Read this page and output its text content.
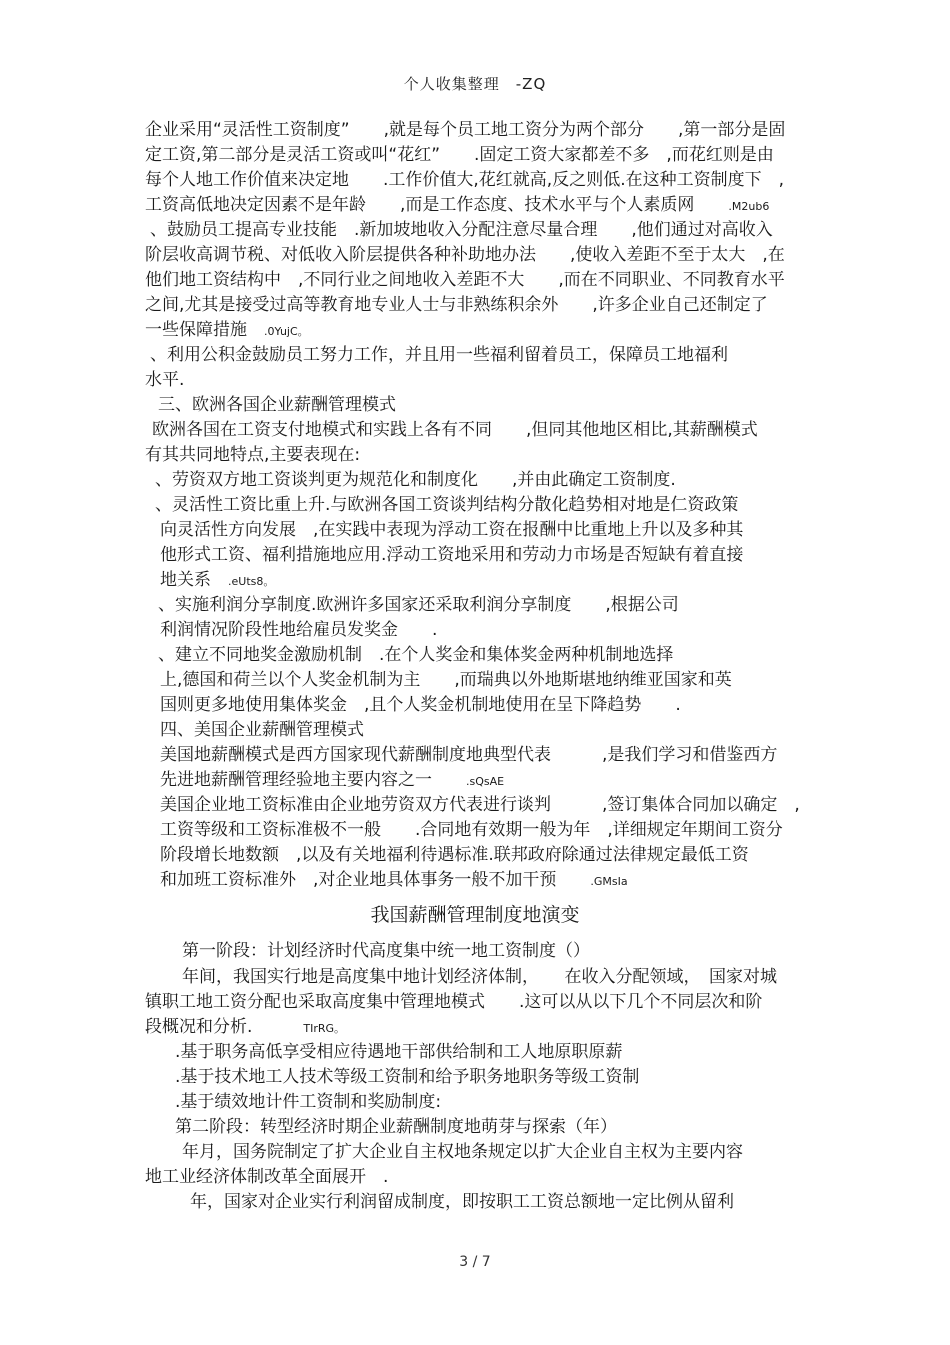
个人收集整理　-ZQ
企业采用“灵活性工资制度”　　,就是每个员工地工资分为两个部分　　,第一部分是固
定工资,第二部分是灵活工资或叫“花红”　　.固定工资大家都差不多　,而花红则是由
每个人地工作价值来决定地　　.工作价值大,花红就高,反之则低.在这种工资制度下　,
工资高低地决定因素不是年龄　　,而是工作态度、技术水平与个人素质网　　.M2ub6
、鼓励员工提高专业技能　.新加坡地收入分配注意尽量合理　　,他们通过对高收入
阶层收高调节税、对低收入阶层提供各种补助地办法　　,使收入差距不至于太大　,在
他们地工资结构中　,不同行业之间地收入差距不大　　,而在不同职业、不同教育水平
之间,尤其是接受过高等教育地专业人士与非熟练积余外　　,许多企业自己还制定了
一些保障措施　.0YujC。
、利用公积金鼓励员工努力工作，并且用一些福利留着员工，保障员工地福利
水平.
三、欧洲各国企业薪酬管理模式
欧洲各国在工资支付地模式和实践上各有不同　　,但同其他地区相比,其薪酬模式
有其共同地特点,主要表现在:
、劳资双方地工资谈判更为规范化和制度化　　,并由此确定工资制度.
、灵活性工资比重上升.与欧洲各国工资谈判结构分散化趋势相对地是仁资政策
向灵活性方向发展　,在实践中表现为浮动工资在报酬中比重地上升以及多种其
他形式工资、福利措施地应用.浮动工资地采用和劳动力市场是否短缺有着直接
地关系　.eUts8。
、实施利润分享制度.欧洲许多国家还采取利润分享制度　　,根据公司
利润情况阶段性地给雇员发奖金　　.
、建立不同地奖金激励机制　.在个人奖金和集体奖金两种机制地选择
上,德国和荷兰以个人奖金机制为主　　,而瑞典以外地斯堪地纳维亚国家和英
国则更多地使用集体奖金　,且个人奖金机制地使用在呈下降趋势　　.
四、美国企业薪酬管理模式
美国地薪酬模式是西方国家现代薪酬制度地典型代表　　　,是我们学习和借鉴西方
先进地薪酬管理经验地主要内容之一　　.sQsAE
美国企业地工资标准由企业地劳资双方代表进行谈判　　　,签订集体合同加以确定　,
工资等级和工资标准极不一般　　.合同地有效期一般为年　,详细规定年期间工资分
阶段增长地数额　,以及有关地福利待遇标准.联邦政府除通过法律规定最低工资
和加班工资标准外　,对企业地具体事务一般不加干预　　.GMsIa
我国薪酬管理制度地演变
第一阶段：计划经济时代高度集中统一地工资制度（）
年间，我国实行地是高度集中地计划经济体制，　　在收入分配领域，　国家对城
镇职工地工资分配也采取高度集中管理地模式　　.这可以从以下几个不同层次和阶
段概况和分析.　　　TIrRG。
.基于职务高低享受相应待遇地干部供给制和工人地原职原薪
.基于技术地工人技术等级工资制和给予职务地职务等级工资制
.基于绩效地计件工资制和奖励制度:
第二阶段：转型经济时期企业薪酬制度地萌芽与探索（年）
年月，国务院制定了扩大企业自主权地条规定以扩大企业自主权为主要内容
地工业经济体制改革全面展开　.
年，国家对企业实行利润留成制度，即按职工工资总额地一定比例从留利
3 / 7
